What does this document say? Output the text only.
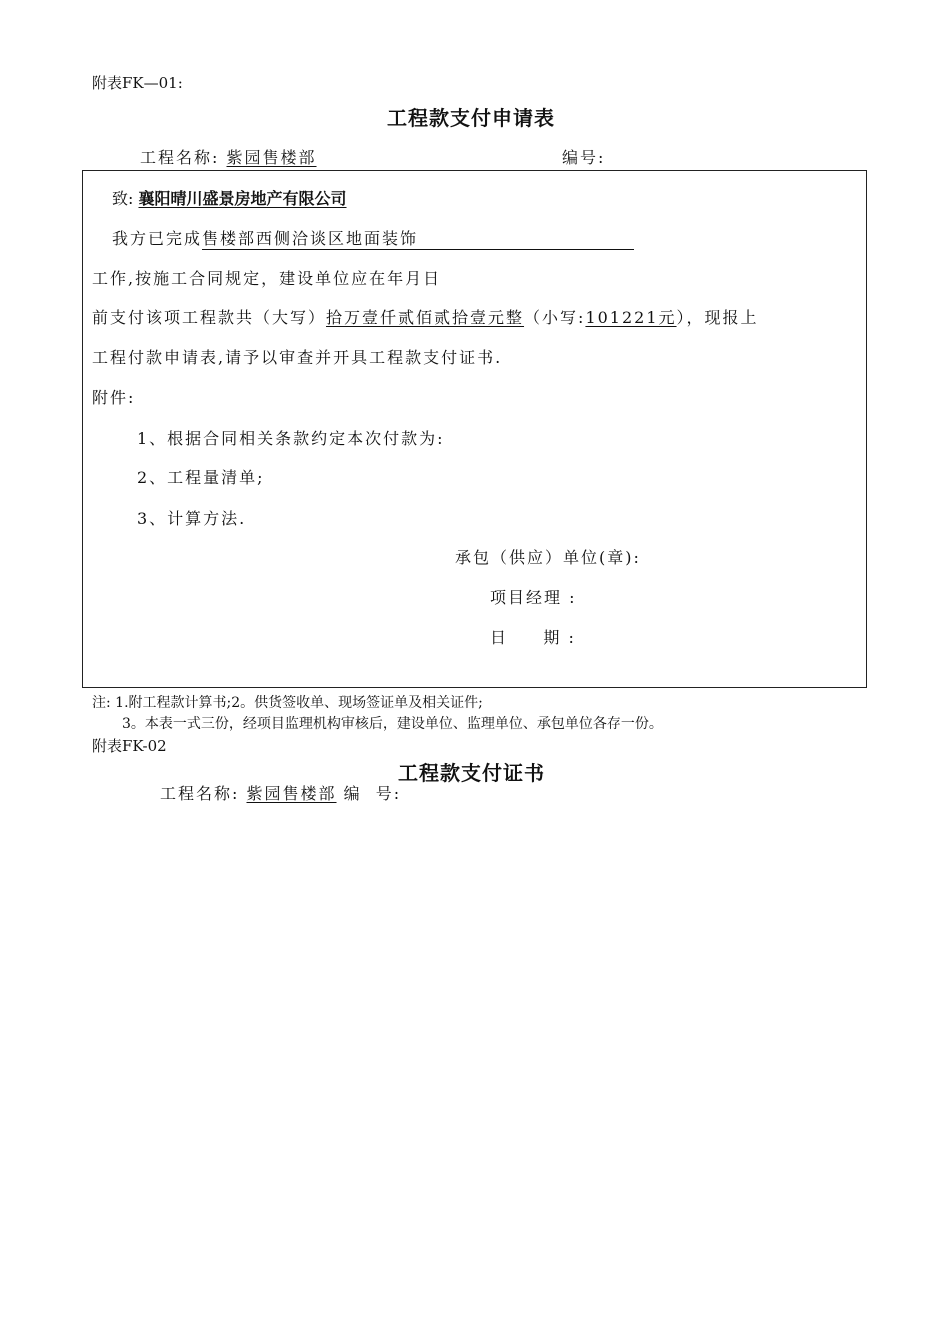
附表FK—01:
工程款支付申请表
工程名称: 紫园售楼部	编号:
致: 襄阳晴川盛景房地产有限公司
我方已完成售楼部西侧洽谈区地面装饰
工作,按施工合同规定，建设单位应在年月日
前支付该项工程款共（大写）拾万壹仟贰佰贰拾壹元整（小写:101221元），现报上
工程付款申请表,请予以审查并开具工程款支付证书.
附件:
1、根据合同相关条款约定本次付款为:
2、工程量清单;
3、计算方法.
承包（供应）单位(章):
项目经理 :
日     期 :
注: 1.附工程款计算书;2。供货签收单、现场签证单及相关证件;
3。本表一式三份，经项目监理机构审核后，建设单位、监理单位、承包单位各存一份。
附表FK-02
工程款支付证书
工程名称: 紫园售楼部 编  号:
